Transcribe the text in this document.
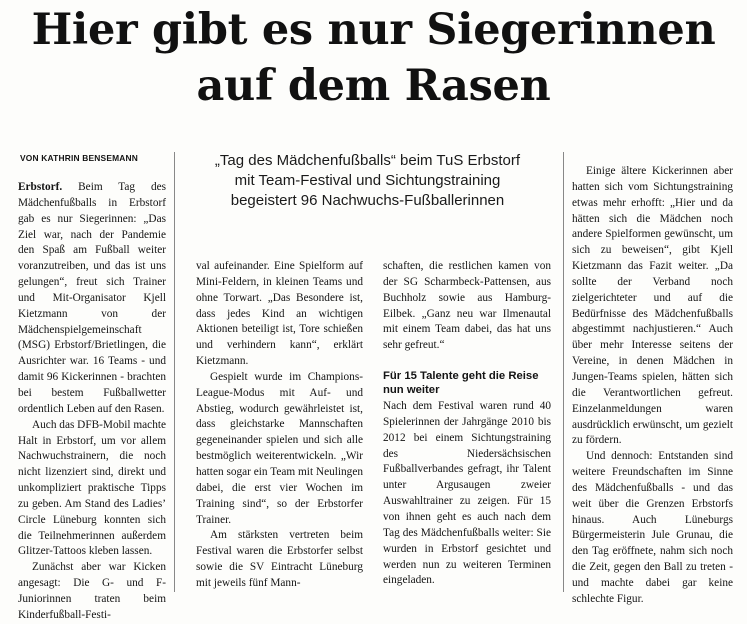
Hier gibt es nur Siegerinnen
auf dem Rasen
VON KATHRIN BENSEMANN	„Tag des Mädchenfußballs“ beim TuS Erbstorf
mit Team-Festival und Sichtungstraining
begeistert 96 Nachwuchs-Fußballerinnen

Erbstorf. Beim Tag des Mädchenfußballs in Erbstorf gab es nur Siegerinnen: „Das Ziel war, nach der Pandemie den Spaß am Fußball weiter voranzutreiben, und das ist uns gelungen“, freut sich Trainer und Mit-Organisator Kjell Kietzmann von der Mädchenspielgemeinschaft (MSG) Erbstorf/Brietlingen, die Ausrichter war. 16 Teams - und damit 96 Kickerinnen - brachten bei bestem Fußballwetter ordentlich Leben auf den Rasen.

Auch das DFB-Mobil machte Halt in Erbstorf, um vor allem Nachwuchstrainern, die noch nicht lizenziert sind, direkt und unkompliziert praktische Tipps zu geben. Am Stand des Ladies’ Circle Lüneburg konnten sich die Teilnehmerinnen außerdem Glitzer-Tattoos kleben lassen.

Zunächst aber war Kicken angesagt: Die G- und F-Juniorinnen traten beim Kinderfußball-Festi-

val aufeinander. Eine Spielform auf Mini-Feldern, in kleinen Teams und ohne Torwart. „Das Besondere ist, dass jedes Kind an wichtigen Aktionen beteiligt ist, Tore schießen und verhindern kann“, erklärt Kietzmann.

Gespielt wurde im Champions-League-Modus mit Auf- und Abstieg, wodurch gewährleistet ist, dass gleichstarke Mannschaften gegeneinander spielen und sich alle bestmöglich weiterentwickeln. „Wir hatten sogar ein Team mit Neulingen dabei, die erst vier Wochen im Training sind“, so der Erbstorfer Trainer.

Am stärksten vertreten beim Festival waren die Erbstorfer selbst sowie die SV Eintracht Lüneburg mit jeweils fünf Mann-

schaften, die restlichen kamen von der SG Scharmbeck-Pattensen, aus Buchholz sowie aus Hamburg-Eilbek. „Ganz neu war Ilmenautal mit einem Team dabei, das hat uns sehr gefreut.“

Für 15 Talente geht die Reise nun weiter

Nach dem Festival waren rund 40 Spielerinnen der Jahrgänge 2010 bis 2012 bei einem Sichtungstraining des Niedersächsischen Fußballverbandes gefragt, ihr Talent unter Argusaugen zweier Auswahltrainer zu zeigen. Für 15 von ihnen geht es auch nach dem Tag des Mädchenfußballs weiter: Sie wurden in Erbstorf gesichtet und werden nun zu weiteren Terminen eingeladen.

Einige ältere Kickerinnen aber hatten sich vom Sichtungstraining etwas mehr erhofft: „Hier und da hätten sich die Mädchen noch andere Spielformen gewünscht, um sich zu beweisen“, gibt Kjell Kietzmann das Fazit weiter. „Da sollte der Verband noch zielgerichteter und auf die Bedürfnisse des Mädchenfußballs abgestimmt nachjustieren.“ Auch über mehr Interesse seitens der Vereine, in denen Mädchen in Jungen-Teams spielen, hätten sich die Verantwortlichen gefreut. Einzelanmeldungen waren ausdrücklich erwünscht, um gezielt zu fördern.

Und dennoch: Entstanden sind weitere Freundschaften im Sinne des Mädchenfußballs - und das weit über die Grenzen Erbstorfs hinaus. Auch Lüneburgs Bürgermeisterin Jule Grunau, die den Tag eröffnete, nahm sich noch die Zeit, gegen den Ball zu treten - und machte dabei gar keine schlechte Figur.
